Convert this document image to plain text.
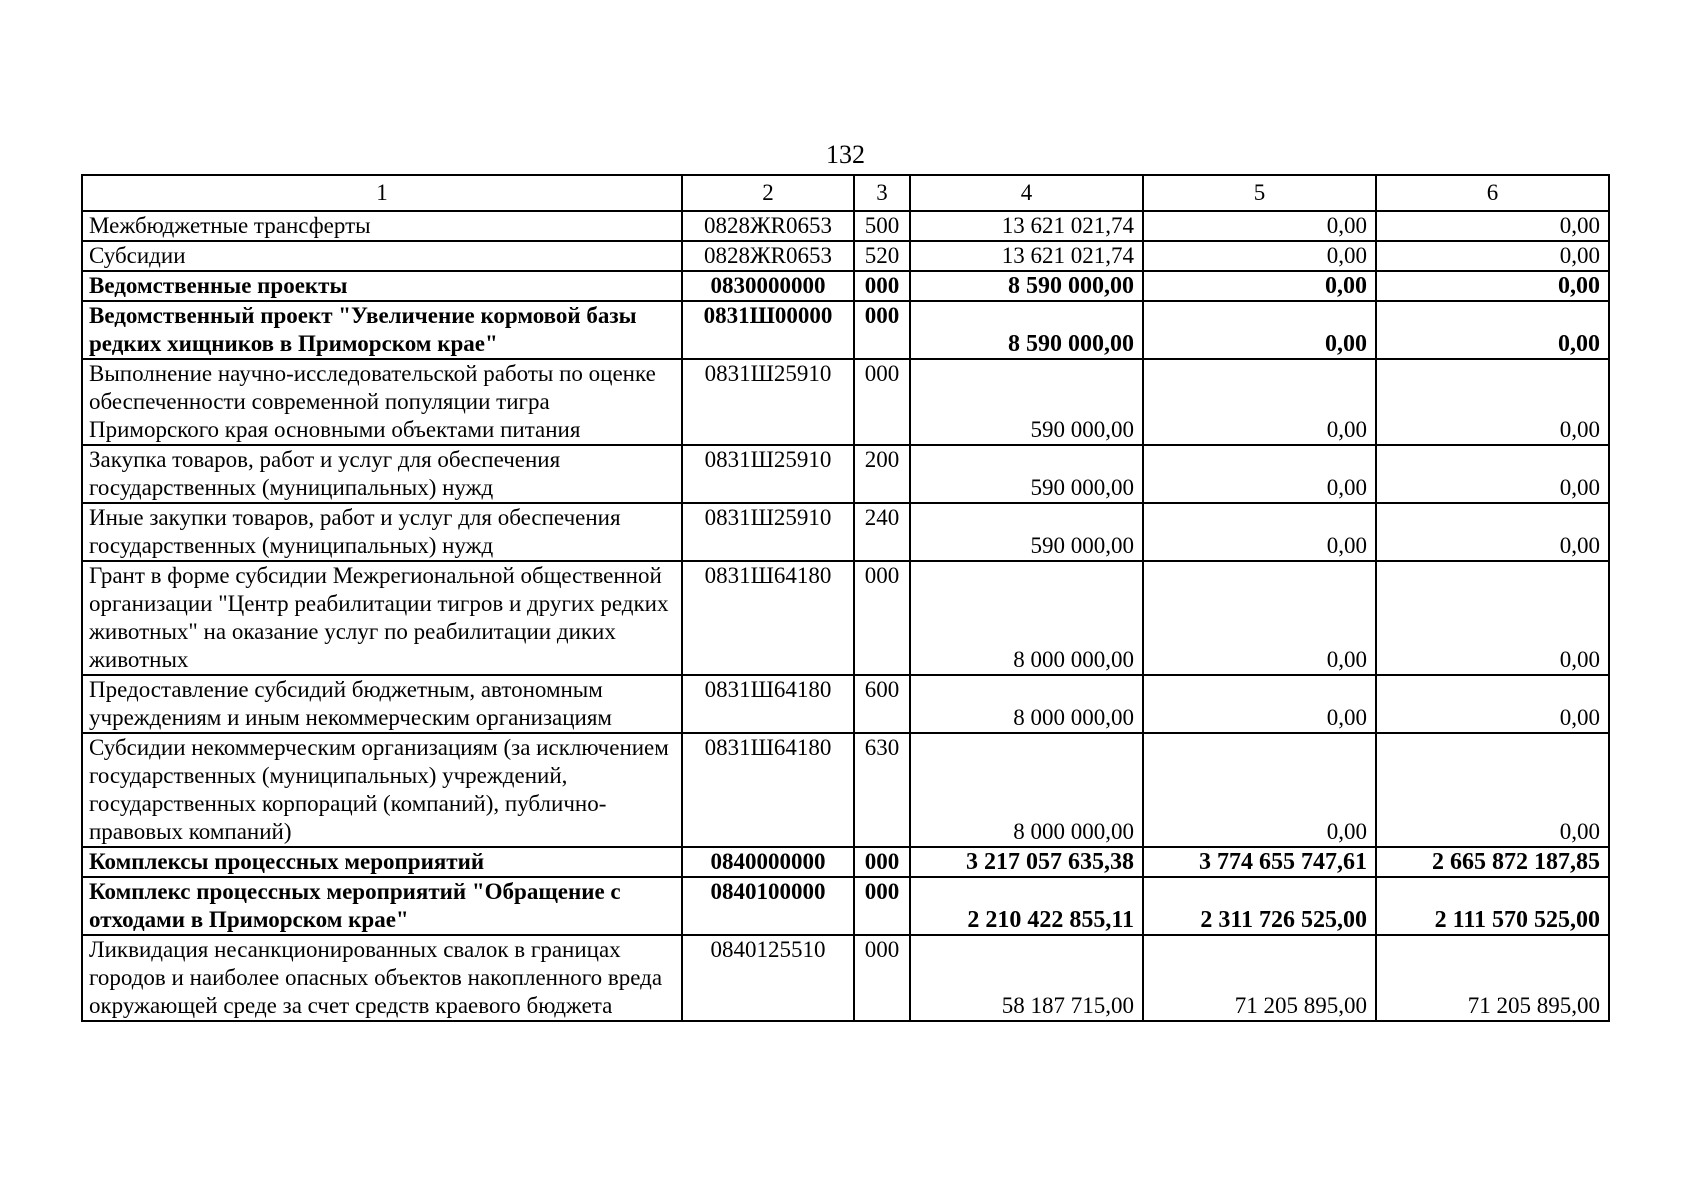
132
1	2	3	4	5	6
Межбюджетные трансферты	0828ЖR0653	500	13 621 021,74	0,00	0,00
Субсидии	0828ЖR0653	520	13 621 021,74	0,00	0,00
Ведомственные проекты	0830000000	000	8 590 000,00	0,00	0,00
Ведомственный проект "Увеличение кормовой базы редких хищников в Приморском крае"	0831Ш00000	000	8 590 000,00	0,00	0,00
Выполнение научно-исследовательской работы по оценке обеспеченности современной популяции тигра Приморского края основными объектами питания	0831Ш25910	000	590 000,00	0,00	0,00
Закупка товаров, работ и услуг для обеспечения государственных (муниципальных) нужд	0831Ш25910	200	590 000,00	0,00	0,00
Иные закупки товаров, работ и услуг для обеспечения государственных (муниципальных) нужд	0831Ш25910	240	590 000,00	0,00	0,00
Грант в форме субсидии Межрегиональной общественной организации "Центр реабилитации тигров и других редких животных" на оказание услуг по реабилитации диких животных	0831Ш64180	000	8 000 000,00	0,00	0,00
Предоставление субсидий бюджетным, автономным учреждениям и иным некоммерческим организациям	0831Ш64180	600	8 000 000,00	0,00	0,00
Субсидии некоммерческим организациям (за исключением государственных (муниципальных) учреждений, государственных корпораций (компаний), публично-правовых компаний)	0831Ш64180	630	8 000 000,00	0,00	0,00
Комплексы процессных мероприятий	0840000000	000	3 217 057 635,38	3 774 655 747,61	2 665 872 187,85
Комплекс процессных мероприятий "Обращение с отходами в Приморском крае"	0840100000	000	2 210 422 855,11	2 311 726 525,00	2 111 570 525,00
Ликвидация несанкционированных свалок в границах городов и наиболее опасных объектов накопленного вреда окружающей среде за счет средств краевого бюджета	0840125510	000	58 187 715,00	71 205 895,00	71 205 895,00
